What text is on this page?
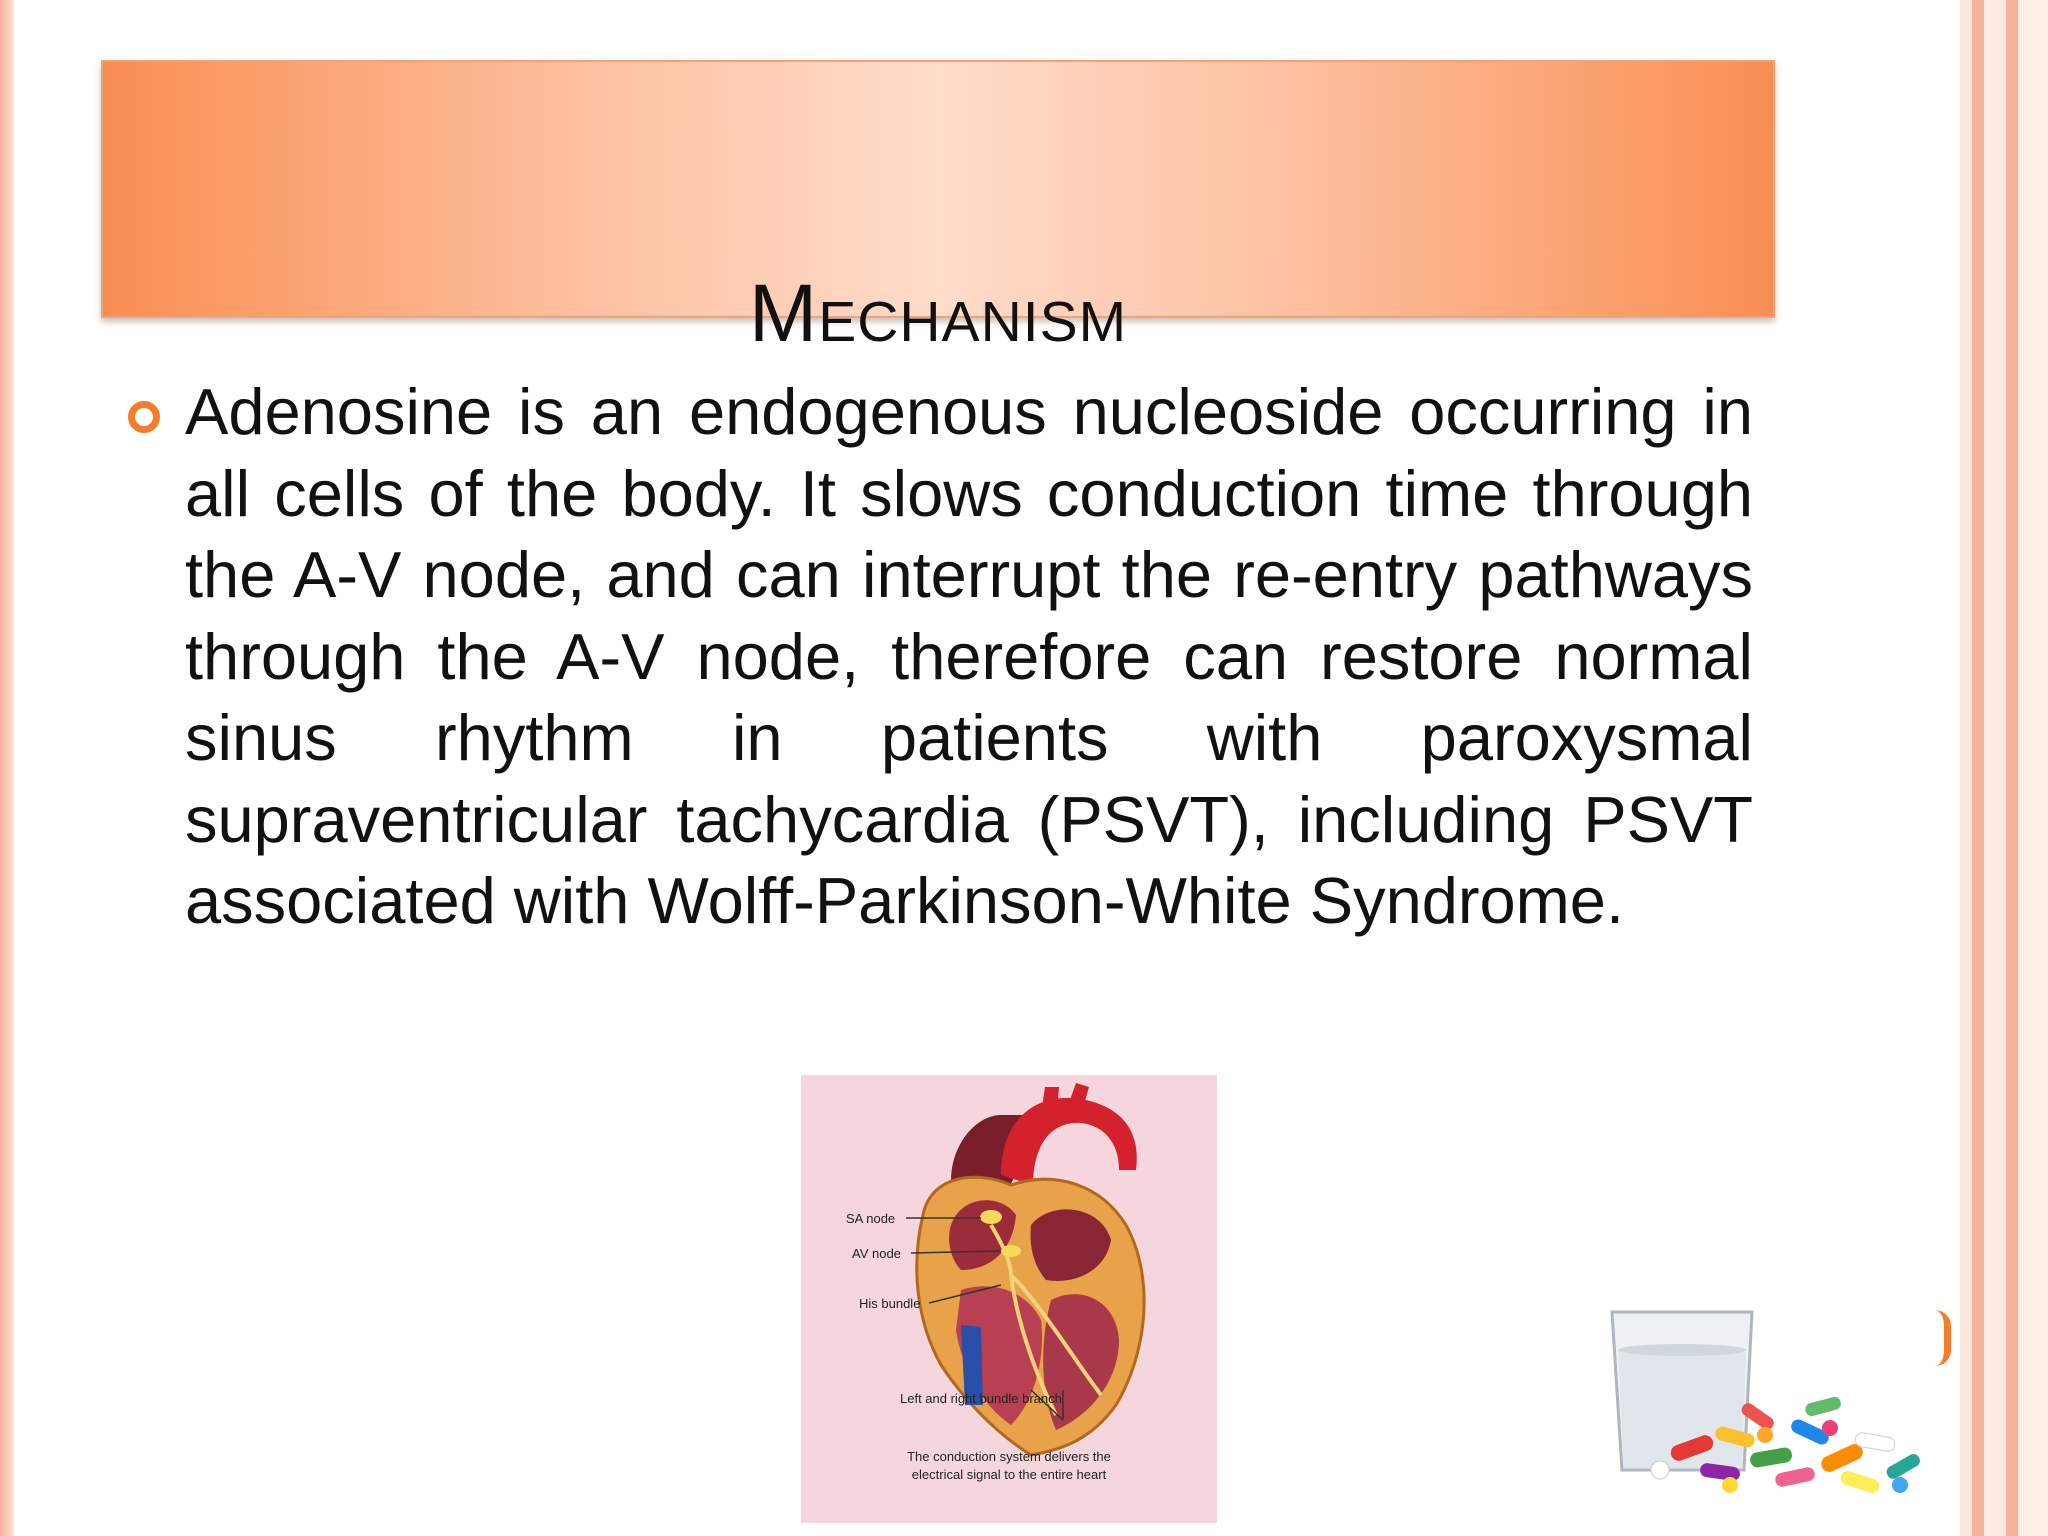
Mechanism
Adenosine is an endogenous nucleoside occurring in all cells of the body. It slows conduction time through the A-V node, and can interrupt the re-entry pathways through the A-V node, therefore can restore normal sinus rhythm in patients with paroxysmal supraventricular tachycardia (PSVT), including PSVT associated with Wolff-Parkinson-White Syndrome.
SA node
AV node
His bundle
Left and right bundle branch
The conduction system delivers the
electrical signal to the entire heart
